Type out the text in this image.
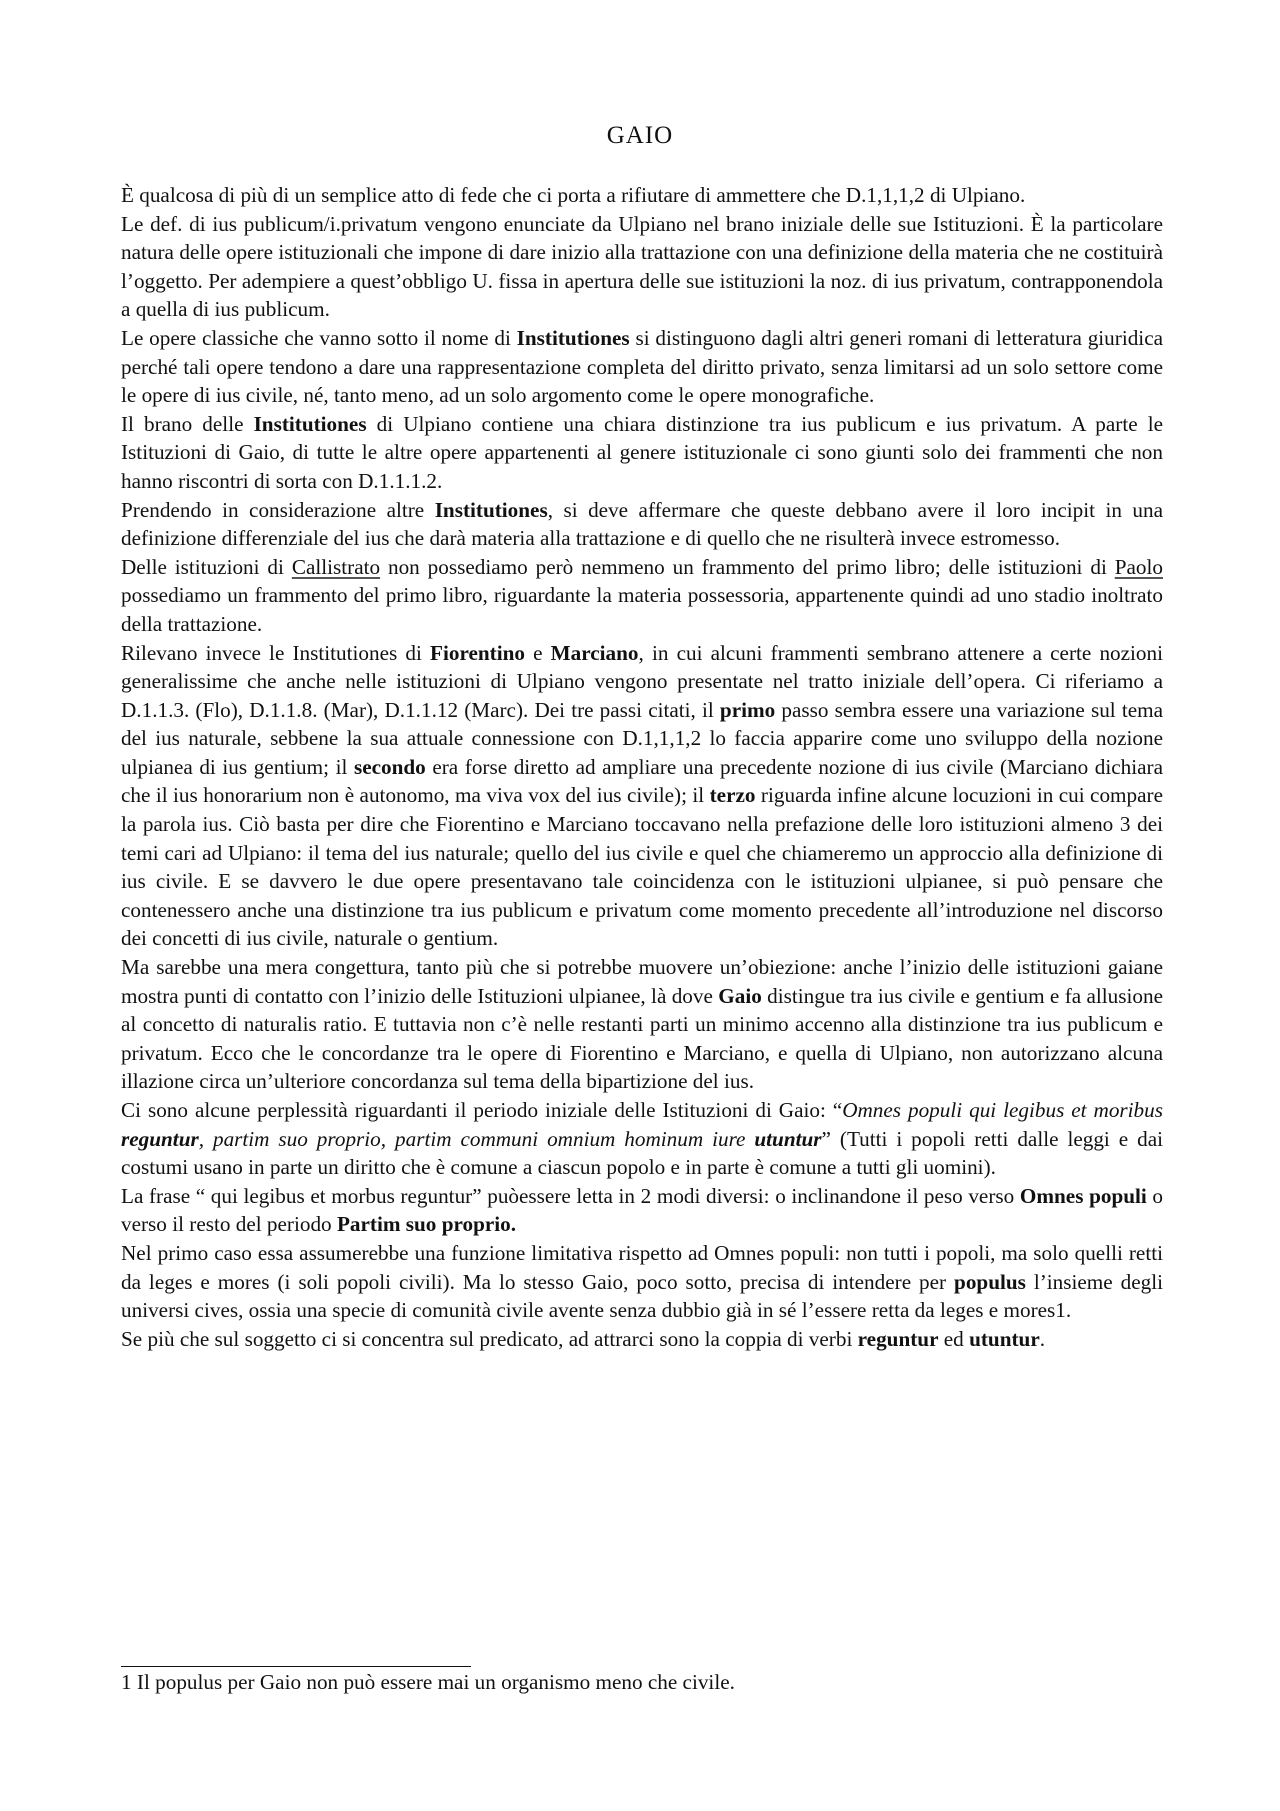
GAIO

È qualcosa di più di un semplice atto di fede che ci porta a rifiutare di ammettere che D.1,1,1,2 di Ulpiano.

Le def. di ius publicum/i.privatum vengono enunciate da Ulpiano nel brano iniziale delle sue Istituzioni. È la particolare natura delle opere istituzionali che impone di dare inizio alla trattazione con una definizione della materia che ne costituirà l’oggetto. Per adempiere a quest’obbligo U. fissa in apertura delle sue istituzioni la noz. di ius privatum, contrapponendola a quella di ius publicum.

Le opere classiche che vanno sotto il nome di Institutiones si distinguono dagli altri generi romani di letteratura giuridica perché tali opere tendono a dare una rappresentazione completa del diritto privato, senza limitarsi ad un solo settore come le opere di ius civile, né, tanto meno, ad un solo argomento come le opere monografiche.

Il brano delle Institutiones di Ulpiano contiene una chiara distinzione tra ius publicum e ius privatum. A parte le Istituzioni di Gaio, di tutte le altre opere appartenenti al genere istituzionale ci sono giunti solo dei frammenti che non hanno riscontri di sorta con D.1.1.1.2.

Prendendo in considerazione altre Institutiones, si deve affermare che queste debbano avere il loro incipit in una definizione differenziale del ius che darà materia alla trattazione e di quello che ne risulterà invece estromesso.

Delle istituzioni di Callistrato non possediamo però nemmeno un frammento del primo libro; delle istituzioni di Paolo possediamo un frammento del primo libro, riguardante la materia possessoria, appartenente quindi ad uno stadio inoltrato della trattazione.

Rilevano invece le Institutiones di Fiorentino e Marciano, in cui alcuni frammenti sembrano attenere a certe nozioni generalissime che anche nelle istituzioni di Ulpiano vengono presentate nel tratto iniziale dell’opera. Ci riferiamo a D.1.1.3. (Flo), D.1.1.8. (Mar), D.1.1.12 (Marc). Dei tre passi citati, il primo passo sembra essere una variazione sul tema del ius naturale, sebbene la sua attuale connessione con D.1,1,1,2 lo faccia apparire come uno sviluppo della nozione ulpianea di ius gentium; il secondo era forse diretto ad ampliare una precedente nozione di ius civile (Marciano dichiara che il ius honorarium non è autonomo, ma viva vox del ius civile); il terzo riguarda infine alcune locuzioni in cui compare la parola ius. Ciò basta per dire che Fiorentino e Marciano toccavano nella prefazione delle loro istituzioni almeno 3 dei temi cari ad Ulpiano: il tema del ius naturale; quello del ius civile e quel che chiameremo un approccio alla definizione di ius civile. E se davvero le due opere presentavano tale coincidenza con le istituzioni ulpianee, si può pensare che contenessero anche una distinzione tra ius publicum e privatum come momento precedente all’introduzione nel discorso dei concetti di ius civile, naturale o gentium.

Ma sarebbe una mera congettura, tanto più che si potrebbe muovere un’obiezione: anche l’inizio delle istituzioni gaiane mostra punti di contatto con l’inizio delle Istituzioni ulpianee, là dove Gaio distingue tra ius civile e gentium e fa allusione al concetto di naturalis ratio. E tuttavia non c’è nelle restanti parti un minimo accenno alla distinzione tra ius publicum e privatum. Ecco che le concordanze tra le opere di Fiorentino e Marciano, e quella di Ulpiano, non autorizzano alcuna illazione circa un’ulteriore concordanza sul tema della bipartizione del ius.

Ci sono alcune perplessità riguardanti il periodo iniziale delle Istituzioni di Gaio: “Omnes populi qui legibus et moribus reguntur, partim suo proprio, partim communi omnium hominum iure utuntur” (Tutti i popoli retti dalle leggi e dai costumi usano in parte un diritto che è comune a ciascun popolo e in parte è comune a tutti gli uomini).

La frase “ qui legibus et morbus reguntur” puòessere letta in 2 modi diversi: o inclinandone il peso verso Omnes populi o verso il resto del periodo Partim suo proprio.

Nel primo caso essa assumerebbe una funzione limitativa rispetto ad Omnes populi: non tutti i popoli, ma solo quelli retti da leges e mores (i soli popoli civili). Ma lo stesso Gaio, poco sotto, precisa di intendere per populus l’insieme degli universi cives, ossia una specie di comunità civile avente senza dubbio già in sé l’essere retta da leges e mores1.

Se più che sul soggetto ci si concentra sul predicato, ad attrarci sono la coppia di verbi reguntur ed utuntur.

1 Il populus per Gaio non può essere mai un organismo meno che civile.
